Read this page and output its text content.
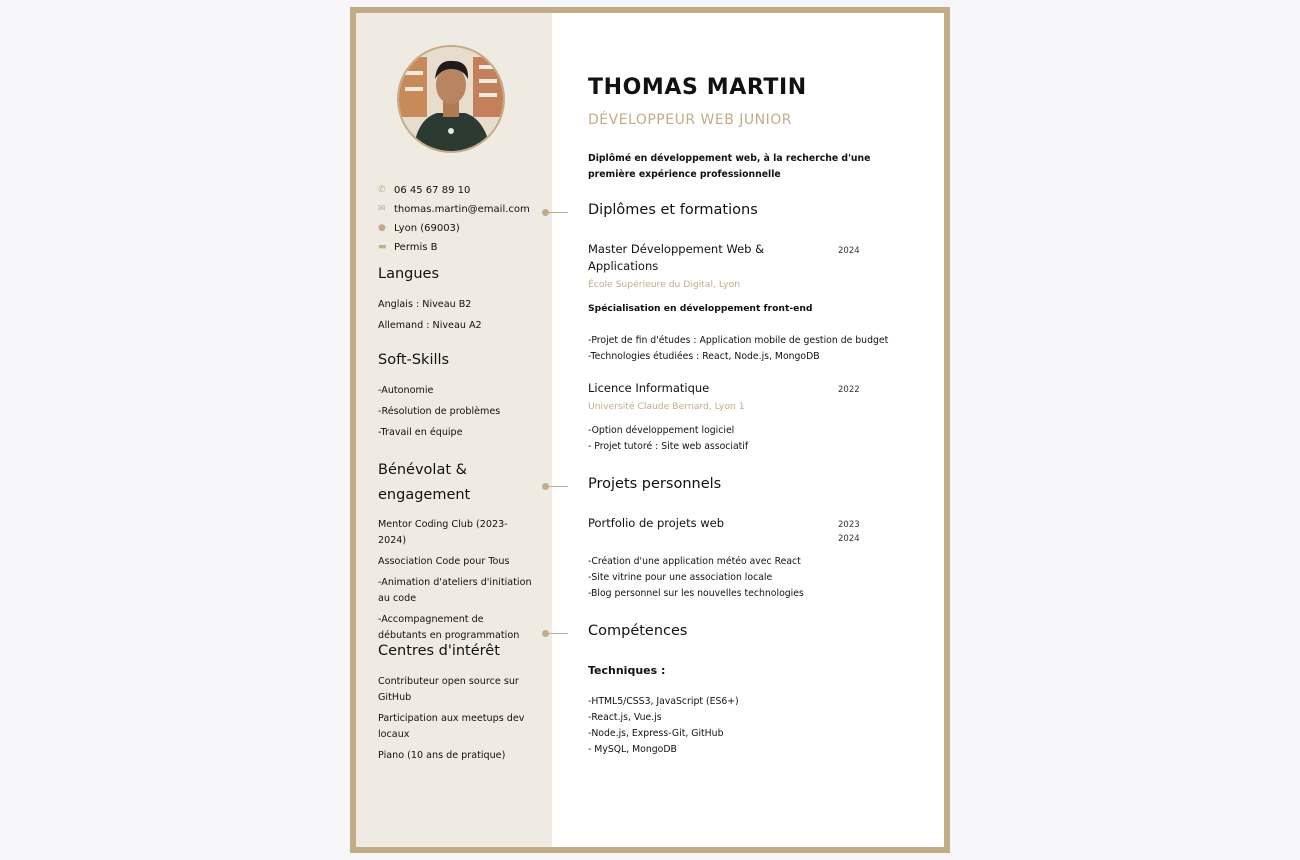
✆ 06 45 67 89 10
✉ thomas.martin@email.com
● Lyon (69003)
▬ Permis B
Langues
Anglais : Niveau B2
Allemand : Niveau A2
Soft-Skills
-Autonomie
-Résolution de problèmes
-Travail en équipe
Bénévolat & engagement
Mentor Coding Club (2023-2024)
Association Code pour Tous
-Animation d'ateliers d'initiation au code
-Accompagnement de débutants en programmation
Centres d'intérêt
Contributeur open source sur GitHub
Participation aux meetups dev locaux
Piano (10 ans de pratique)
THOMAS MARTIN
DÉVELOPPEUR WEB JUNIOR
Diplômé en développement web, à la recherche d'une première expérience professionnelle
Diplômes et formations
Master Développement Web & Applications
2024
École Supérieure du Digital, Lyon
Spécialisation en développement front-end
-Projet de fin d'études : Application mobile de gestion de budget
-Technologies étudiées : React, Node.js, MongoDB
Licence Informatique	2022
Université Claude Bernard, Lyon 1
-Option développement logiciel
- Projet tutoré : Site web associatif
Projets personnels
Portfolio de projets web	2023
2024
-Création d'une application météo avec React
-Site vitrine pour une association locale
-Blog personnel sur les nouvelles technologies
Compétences
Techniques :
-HTML5/CSS3, JavaScript (ES6+)
-React.js, Vue.js
-Node.js, Express-Git, GitHub
- MySQL, MongoDB
